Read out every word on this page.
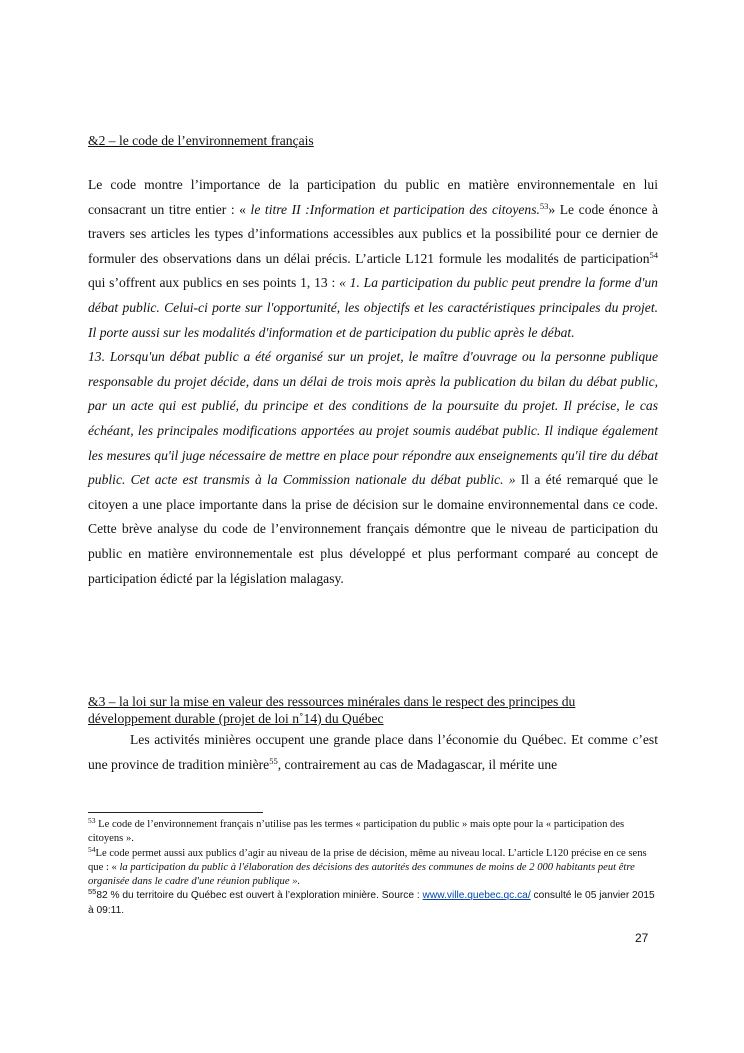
&2 – le code de l’environnement français
Le code montre l’importance de la participation du public en matière environnementale en lui consacrant un titre entier : « le titre II :Information et participation des citoyens.$^{53}$» Le code énonce à travers ses articles les types d’informations accessibles aux publics et la possibilité pour ce dernier de formuler des observations dans un délai précis. L’article L121 formule les modalités de participation$^{54}$ qui s’offrent aux publics en ses points 1, 13 : « 1. La participation du public peut prendre la forme d'un débat public. Celui-ci porte sur l'opportunité, les objectifs et les caractéristiques principales du projet. Il porte aussi sur les modalités d'information et de participation du public après le débat.
13. Lorsqu'un débat public a été organisé sur un projet, le maître d'ouvrage ou la personne publique responsable du projet décide, dans un délai de trois mois après la publication du bilan du débat public, par un acte qui est publié, du principe et des conditions de la poursuite du projet. Il précise, le cas échéant, les principales modifications apportées au projet soumis audébat public. Il indique également les mesures qu'il juge nécessaire de mettre en place pour répondre aux enseignements qu'il tire du débat public. Cet acte est transmis à la Commission nationale du débat public. » Il a été remarqué que le citoyen a une place importante dans la prise de décision sur le domaine environnemental dans ce code. Cette brève analyse du code de l’environnement français démontre que le niveau de participation du public en matière environnementale est plus développé et plus performant comparé au concept de participation édicté par la législation malagasy.
&3 – la loi sur la mise en valeur des ressources minérales dans le respect des principes du développement durable (projet de loi n˚14) du Québec
Les activités minières occupent une grande place dans l’économie du Québec. Et comme c’est une province de tradition minière$^{55}$, contrairement au cas de Madagascar, il mérite une

$^{53}$ Le code de l’environnement français n’utilise pas les termes « participation du public » mais opte pour la « participation des citoyens ».

$^{54}$Le code permet aussi aux publics d’agir au niveau de la prise de décision, même au niveau local. L’article L120 précise en ce sens que : « la participation du public à l'élaboration des décisions des autorités des communes de moins de 2 000 habitants peut être organisée dans le cadre d'une réunion publique ».

$^{55}$82 % du territoire du Québec est ouvert à l’exploration minière. Source : www.ville.quebec.qc.ca/ consulté le 05 janvier 2015 à 09:11.

27
